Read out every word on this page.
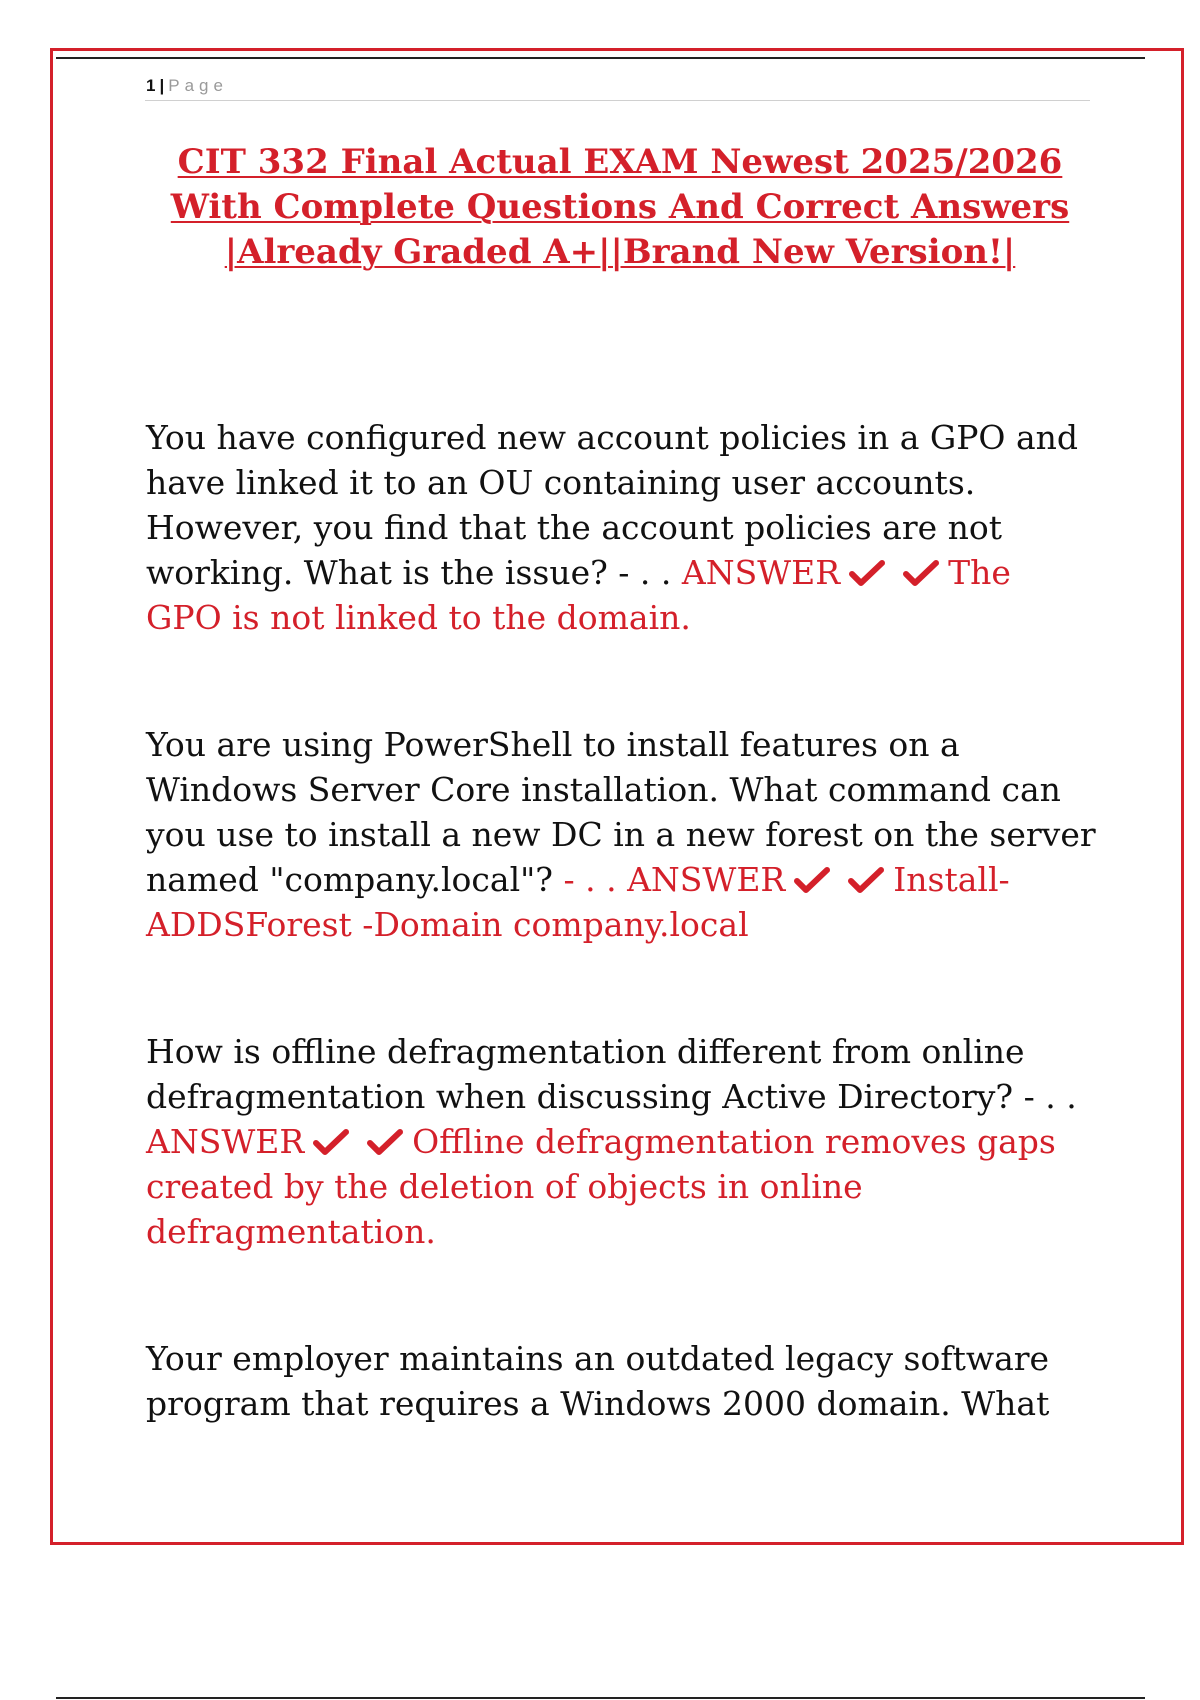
1 | Page
CIT 332 Final Actual EXAM Newest 2025/2026
With Complete Questions And Correct Answers
|Already Graded A+||Brand New Version!|

You have configured new account policies in a GPO and have linked it to an OU containing user accounts. However, you find that the account policies are not working. What is the issue? - . . ANSWER	The GPO is not linked to the domain.

You are using PowerShell to install features on a Windows Server Core installation. What command can you use to install a new DC in a new forest on the server named "company.local"? - . . ANSWER	Install-ADDSForest -Domain company.local

How is offline defragmentation different from online defragmentation when discussing Active Directory? - . . ANSWER	Offline defragmentation removes gaps created by the deletion of objects in online defragmentation.

Your employer maintains an outdated legacy software program that requires a Windows 2000 domain. What
